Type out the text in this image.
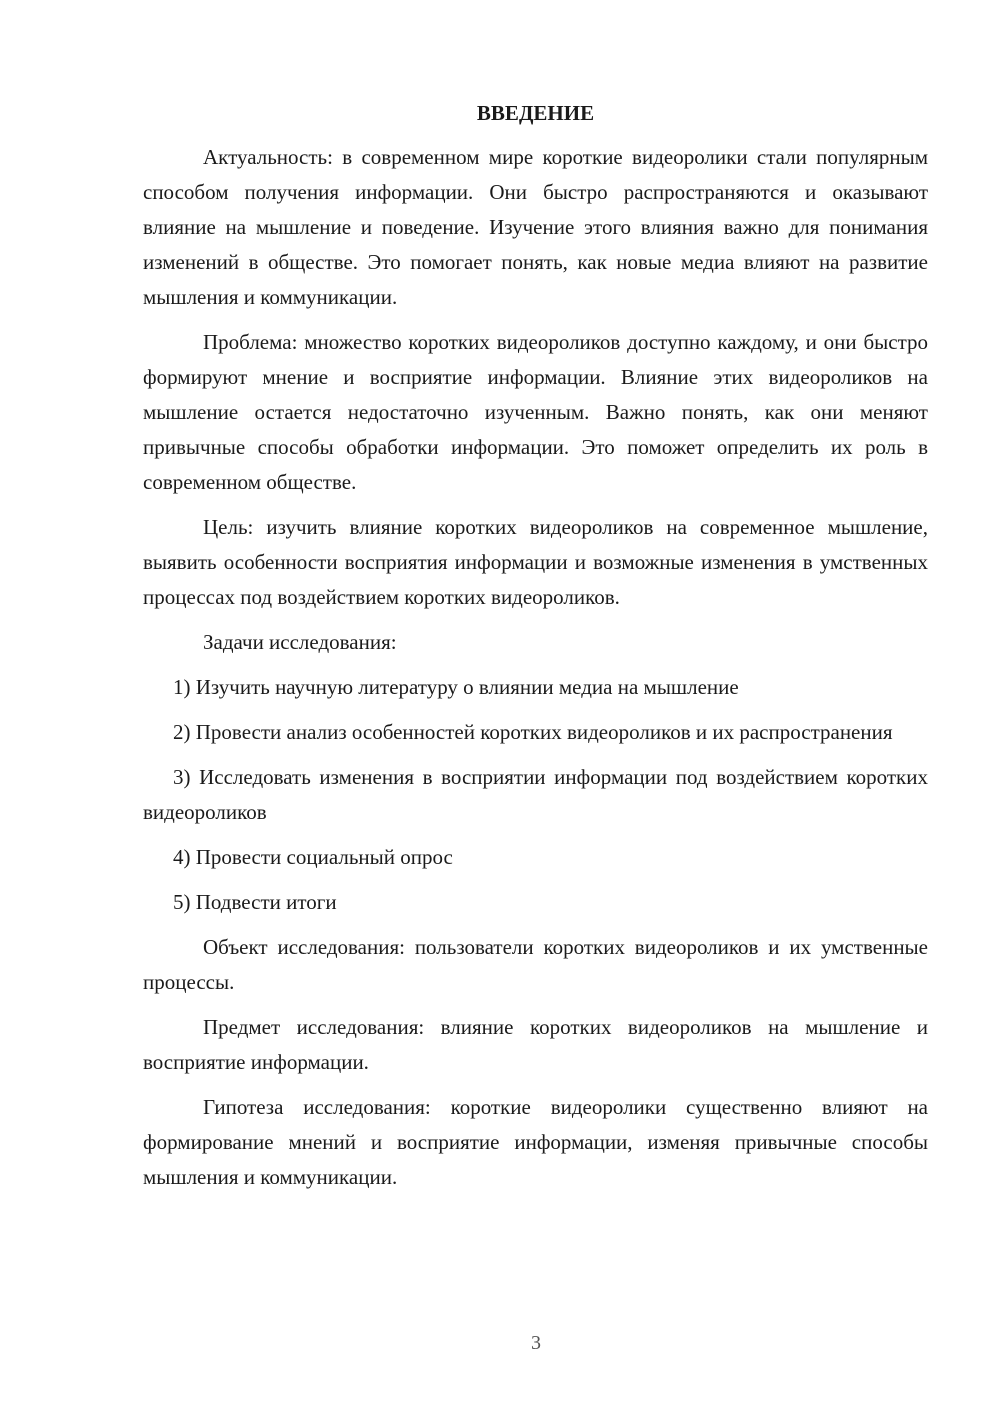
ВВЕДЕНИЕ

Актуальность: в современном мире короткие видеоролики стали популярным способом получения информации. Они быстро распространяются и оказывают влияние на мышление и поведение. Изучение этого влияния важно для понимания изменений в обществе. Это помогает понять, как новые медиа влияют на развитие мышления и коммуникации.

Проблема: множество коротких видеороликов доступно каждому, и они быстро формируют мнение и восприятие информации. Влияние этих видеороликов на мышление остается недостаточно изученным. Важно понять, как они меняют привычные способы обработки информации. Это поможет определить их роль в современном обществе.

Цель: изучить влияние коротких видеороликов на современное мышление, выявить особенности восприятия информации и возможные изменения в умственных процессах под воздействием коротких видеороликов.

Задачи исследования:

1) Изучить научную литературу о влиянии медиа на мышление

2) Провести анализ особенностей коротких видеороликов и их распространения

3) Исследовать изменения в восприятии информации под воздействием коротких видеороликов

4) Провести социальный опрос

5) Подвести итоги

Объект исследования: пользователи коротких видеороликов и их умственные процессы.

Предмет исследования: влияние коротких видеороликов на мышление и восприятие информации.

Гипотеза исследования: короткие видеоролики существенно влияют на формирование мнений и восприятие информации, изменяя привычные способы мышления и коммуникации.

3
